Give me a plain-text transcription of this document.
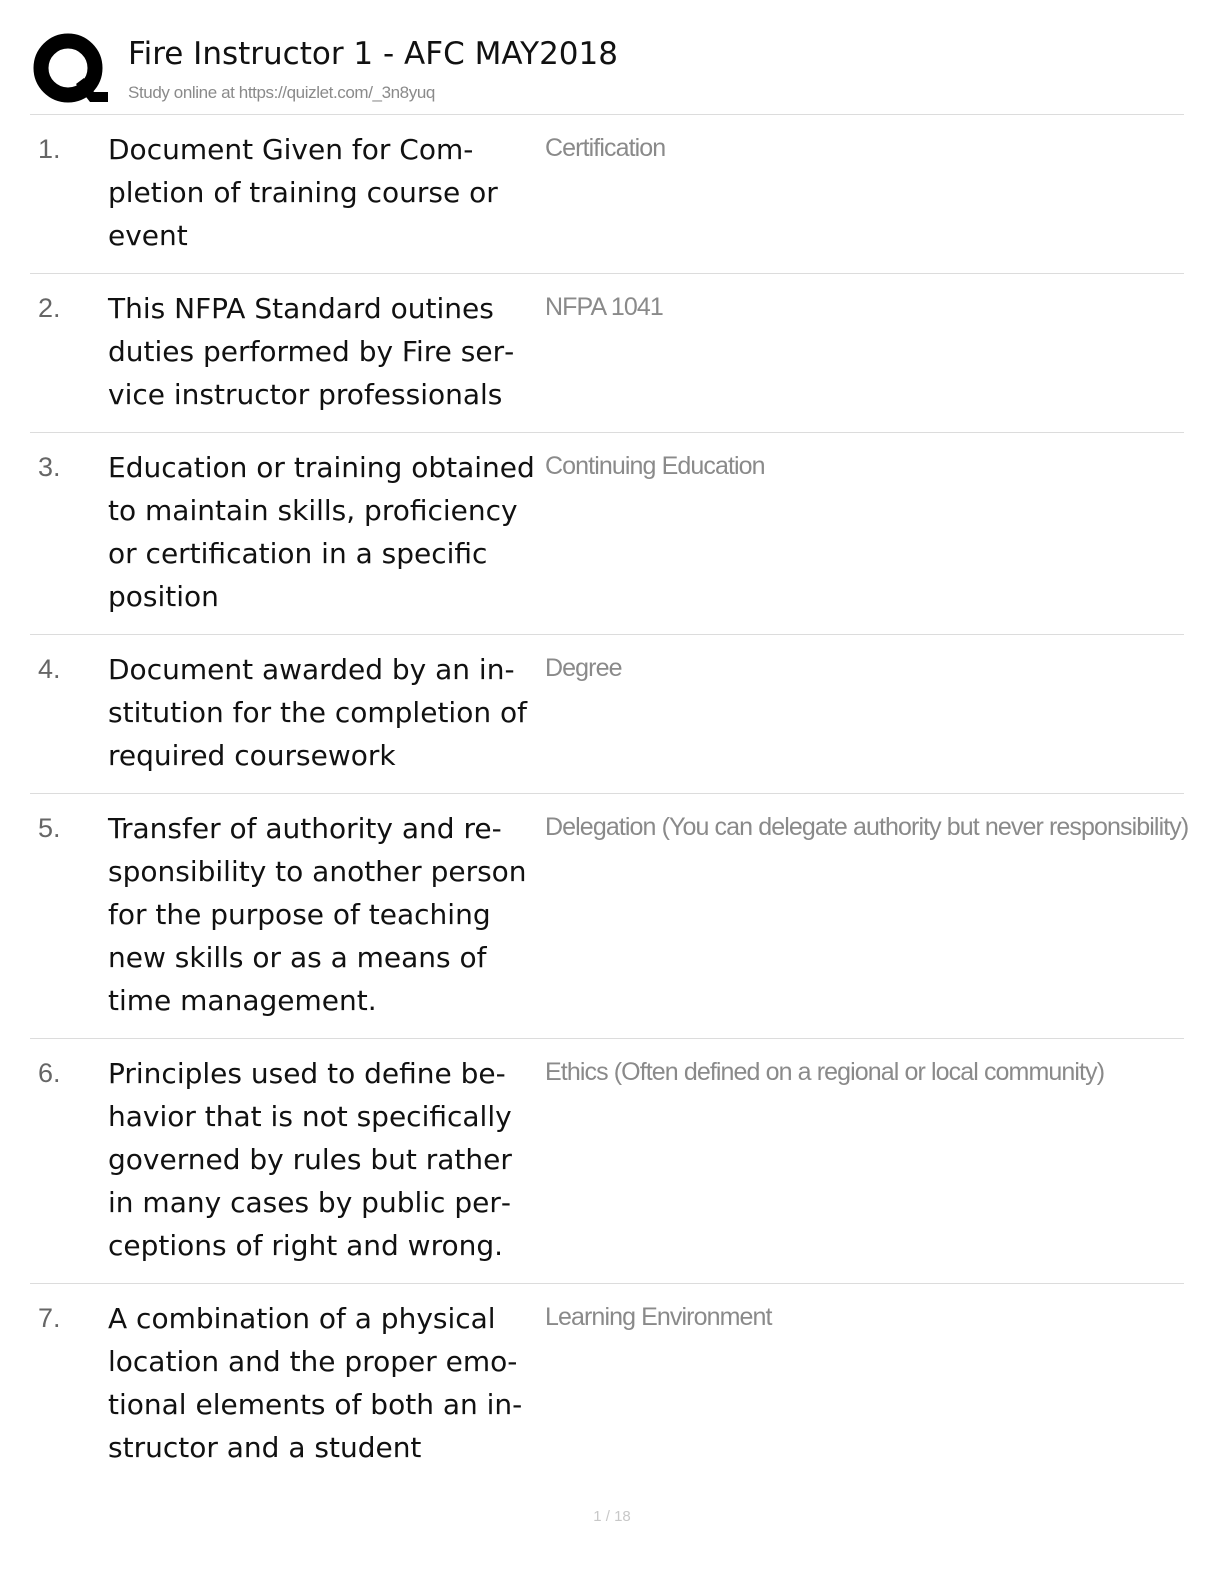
Fire Instructor 1 - AFC MAY2018
Study online at https://quizlet.com/_3n8yuq
1.	Document Given for Completion of training course or event
Certification
2.	This NFPA Standard outines duties performed by Fire service instructor professionals
NFPA 1041
3.	Education or training obtained to maintain skills, proficiency or certification in a specific position
Continuing Education
4.	Document awarded by an institution for the completion of required coursework
Degree
5.	Transfer of authority and responsibility to another person for the purpose of teaching new skills or as a means of time management.
Delegation (You can delegate authority but never responsibility)
6.	Principles used to define behavior that is not specifically governed by rules but rather in many cases by public perceptions of right and wrong.
Ethics (Often defined on a regional or local community)
7.	A combination of a physical location and the proper emotional elements of both an instructor and a student
Learning Environment
1 / 18
